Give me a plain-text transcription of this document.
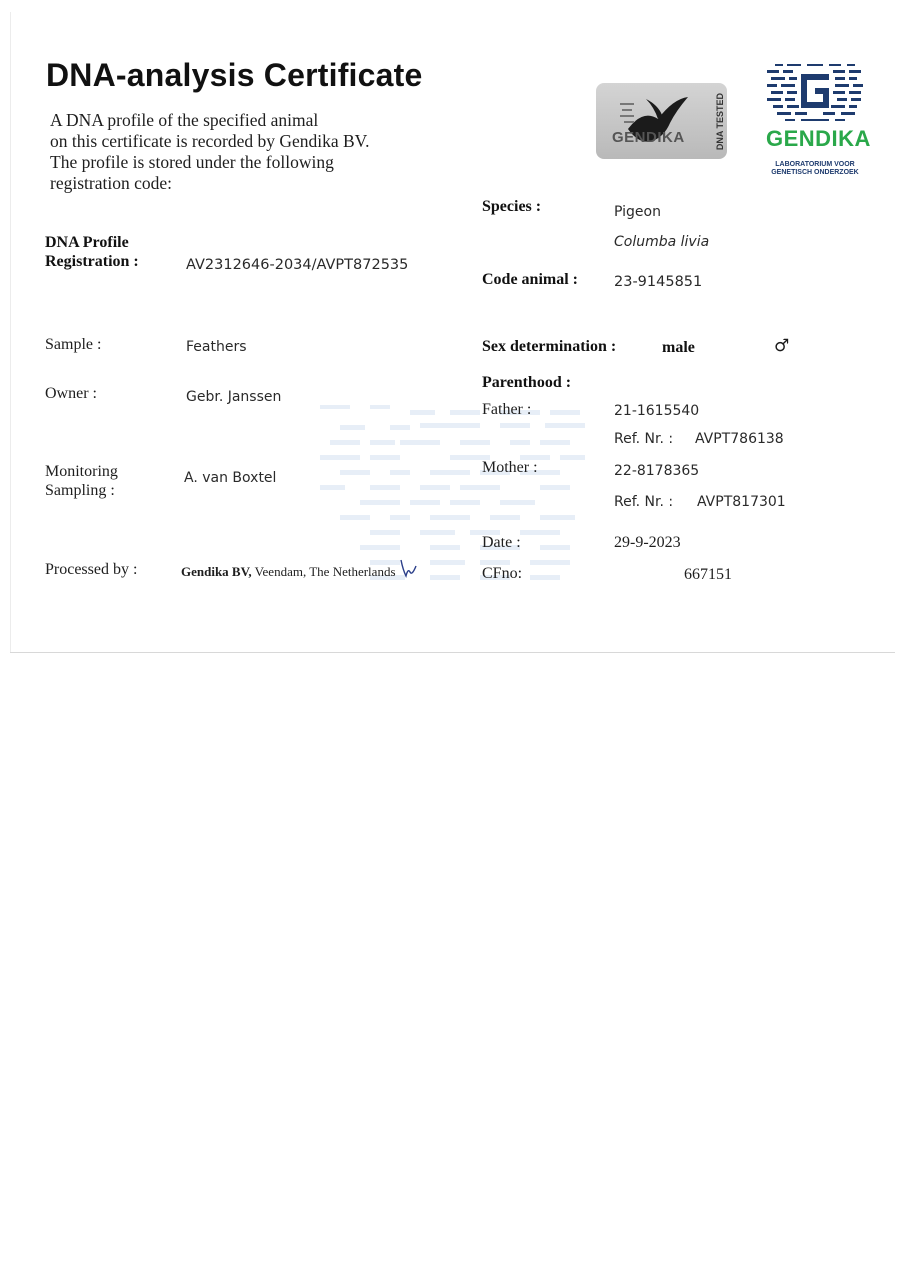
DNA-analysis Certificate
A DNA profile of the specified animal
on this certificate is recorded by Gendika BV.
The profile is stored under the following
registration code:
GENDIKA	DNA TESTED GENDIKA
LABORATORIUM VOOR
GENETISCH ONDERZOEK
DNA Profile
Registration :	AV2312646-2034/AVPT872535
Sample :	Feathers
Owner :	Gebr. Janssen
Monitoring
Sampling :
A. van Boxtel
Processed by :	Gendika BV, Veendam, The Netherlands
Species :	Pigeon
Columba livia
Code animal : 23-9145851
Sex determination :	male	♂
Parenthood :
Father :	21-1615540
Ref. Nr. : AVPT786138
Mother :	22-8178365
Ref. Nr. : AVPT817301
Date :	29-9-2023
CFno:	667151
